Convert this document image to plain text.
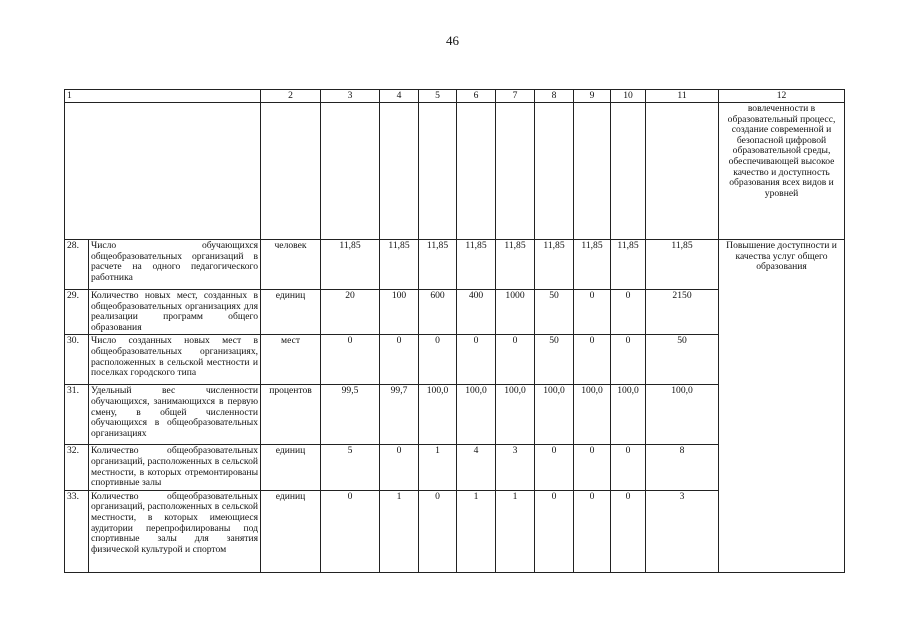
46
1		2	3	4	5	6	7	8	9	10	11	12
												вовлеченности в образовательный процесс, создание современной и безопасной цифровой образовательной среды, обеспечивающей высокое качество и доступность образования всех видов и уровней
28.	Число обучающихся общеобразовательных организаций в расчете на одного педагогического работника	человек	11,85	11,85	11,85	11,85	11,85	11,85	11,85	11,85	11,85	Повышение доступности и качества услуг общего образования
29.	Количество новых мест, созданных в общеобразовательных организациях для реализации программ общего образования	единиц	20	100	600	400	1000	50	0	0	2150	
30.	Число созданных новых мест в общеобразовательных организациях, расположенных в сельской местности и поселках городского типа	мест	0	0	0	0	0	50	0	0	50	
31.	Удельный вес численности обучающихся, занимающихся в первую смену, в общей численности обучающихся в общеобразовательных организациях	процентов	99,5	99,7	100,0	100,0	100,0	100,0	100,0	100,0	100,0	
32.	Количество общеобразовательных организаций, расположенных в сельской местности, в которых отремонтированы спортивные залы	единиц	5	0	1	4	3	0	0	0	8	
33.	Количество общеобразовательных организаций, расположенных в сельской местности, в которых имеющиеся аудитории перепрофилированы под спортивные залы для занятия физической культурой и спортом	единиц	0	1	0	1	1	0	0	0	3	
